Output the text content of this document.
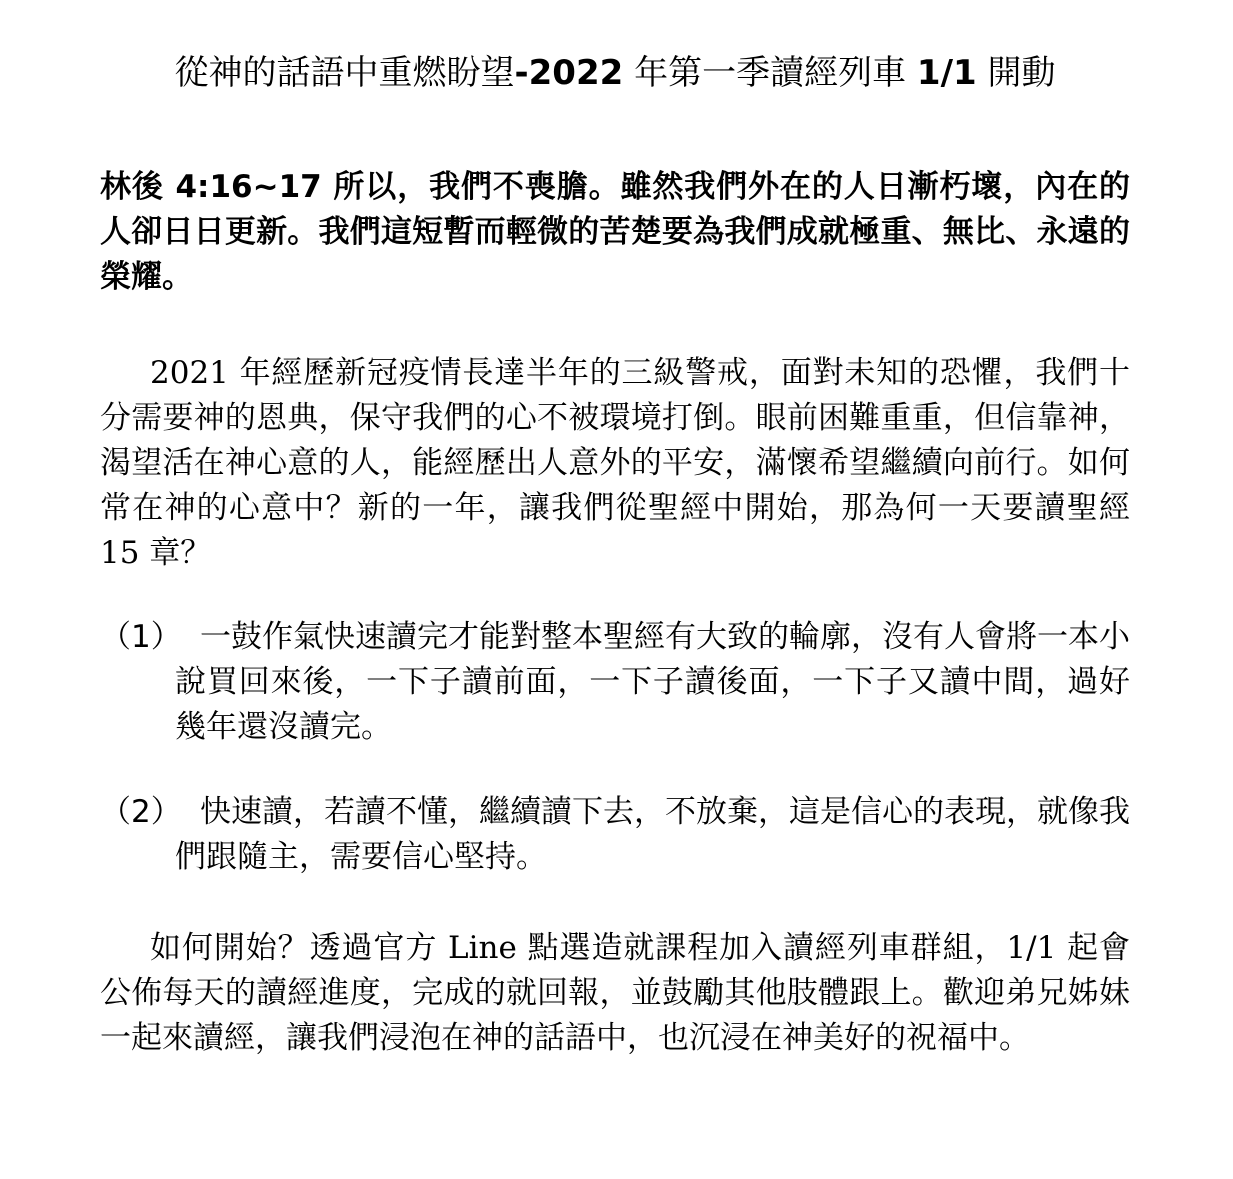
從神的話語中重燃盼望-2022 年第一季讀經列車 1/1 開動

林後 4:16~17 所以，我們不喪膽。雖然我們外在的人日漸朽壞，內在的人卻日日更新。我們這短暫而輕微的苦楚要為我們成就極重、無比、永遠的榮耀。

2021 年經歷新冠疫情長達半年的三級警戒，面對未知的恐懼，我們十分需要神的恩典，保守我們的心不被環境打倒。眼前困難重重，但信靠神，渴望活在神心意的人，能經歷出人意外的平安，滿懷希望繼續向前行。如何常在神的心意中？新的一年，讓我們從聖經中開始，那為何一天要讀聖經 15 章？

（1） 一鼓作氣快速讀完才能對整本聖經有大致的輪廓，沒有人會將一本小說買回來後，一下子讀前面，一下子讀後面，一下子又讀中間，過好幾年還沒讀完。

（2） 快速讀，若讀不懂，繼續讀下去，不放棄，這是信心的表現，就像我們跟隨主，需要信心堅持。

如何開始？透過官方 Line 點選造就課程加入讀經列車群組，1/1 起會公佈每天的讀經進度，完成的就回報，並鼓勵其他肢體跟上。歡迎弟兄姊妹一起來讀經，讓我們浸泡在神的話語中，也沉浸在神美好的祝福中。
